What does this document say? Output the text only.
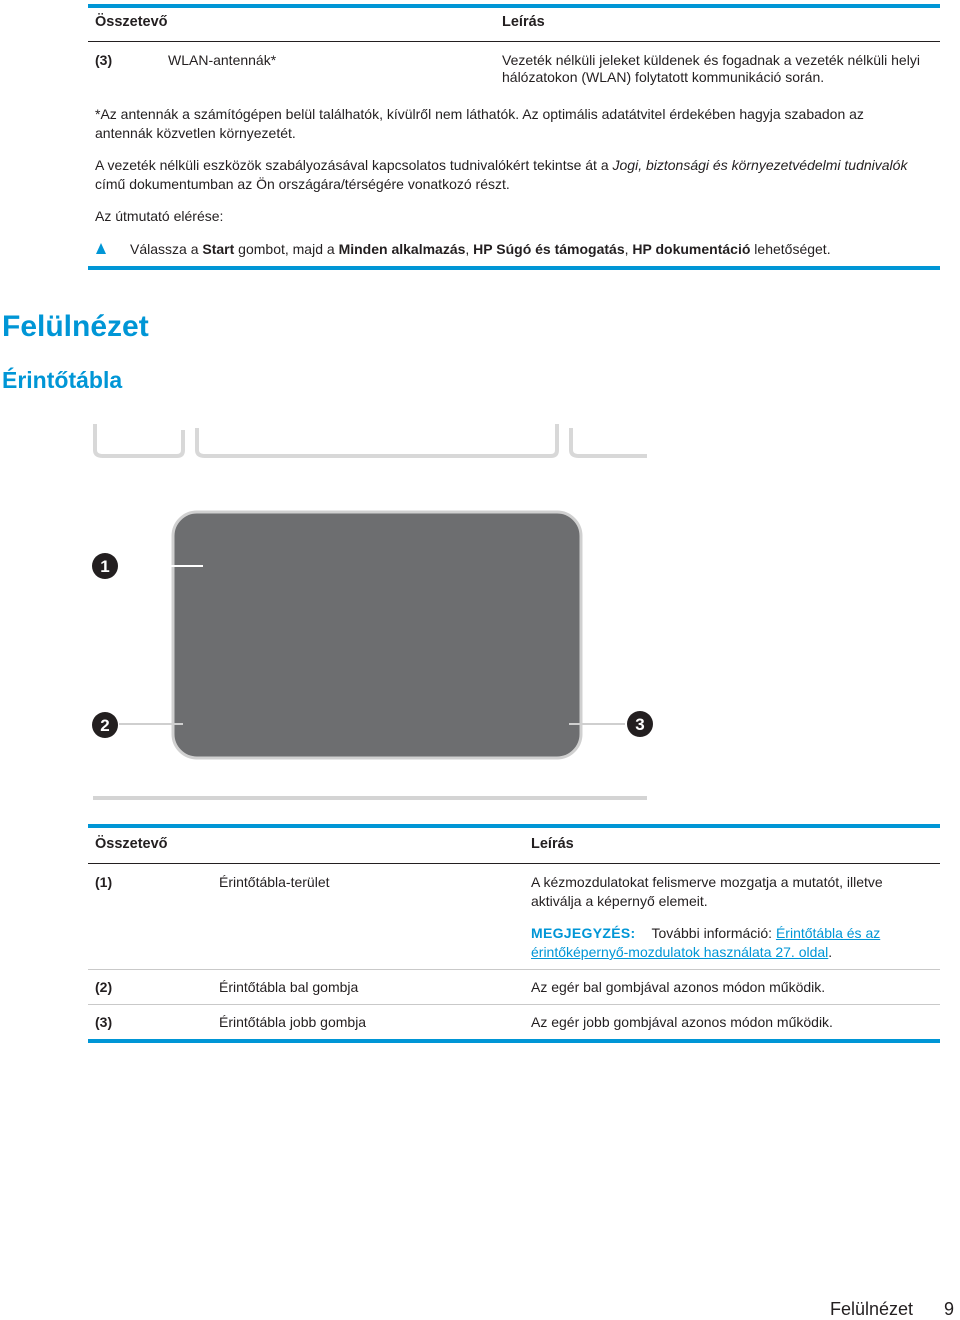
Összetevő	Leírás
(3)	WLAN-antennák*	Vezeték nélküli jeleket küldenek és fogadnak a vezeték nélküli helyi
hálózatokon (WLAN) folytatott kommunikáció során.
*Az antennák a számítógépen belül találhatók, kívülről nem láthatók. Az optimális adatátvitel érdekében hagyja szabadon az
antennák közvetlen környezetét.
A vezeték nélküli eszközök szabályozásával kapcsolatos tudnivalókért tekintse át a Jogi, biztonsági és környezetvédelmi tudnivalók
című dokumentumban az Ön országára/térségére vonatkozó részt.
Az útmutató elérése:
Válassza a Start gombot, majd a Minden alkalmazás, HP Súgó és támogatás, HP dokumentáció lehetőséget.
Felülnézet
Érintőtábla
1
2	3
Összetevő	Leírás
(1)	Érintőtábla-terület	A kézmozdulatokat felismerve mozgatja a mutatót, illetve
aktiválja a képernyő elemeit.
MEGJEGYZÉS: További információ: Érintőtábla és az
érintőképernyő-mozdulatok használata 27. oldal.
(2)	Érintőtábla bal gombja	Az egér bal gombjával azonos módon működik.
(3)	Érintőtábla jobb gombja	Az egér jobb gombjával azonos módon működik.
Felülnézet 9
